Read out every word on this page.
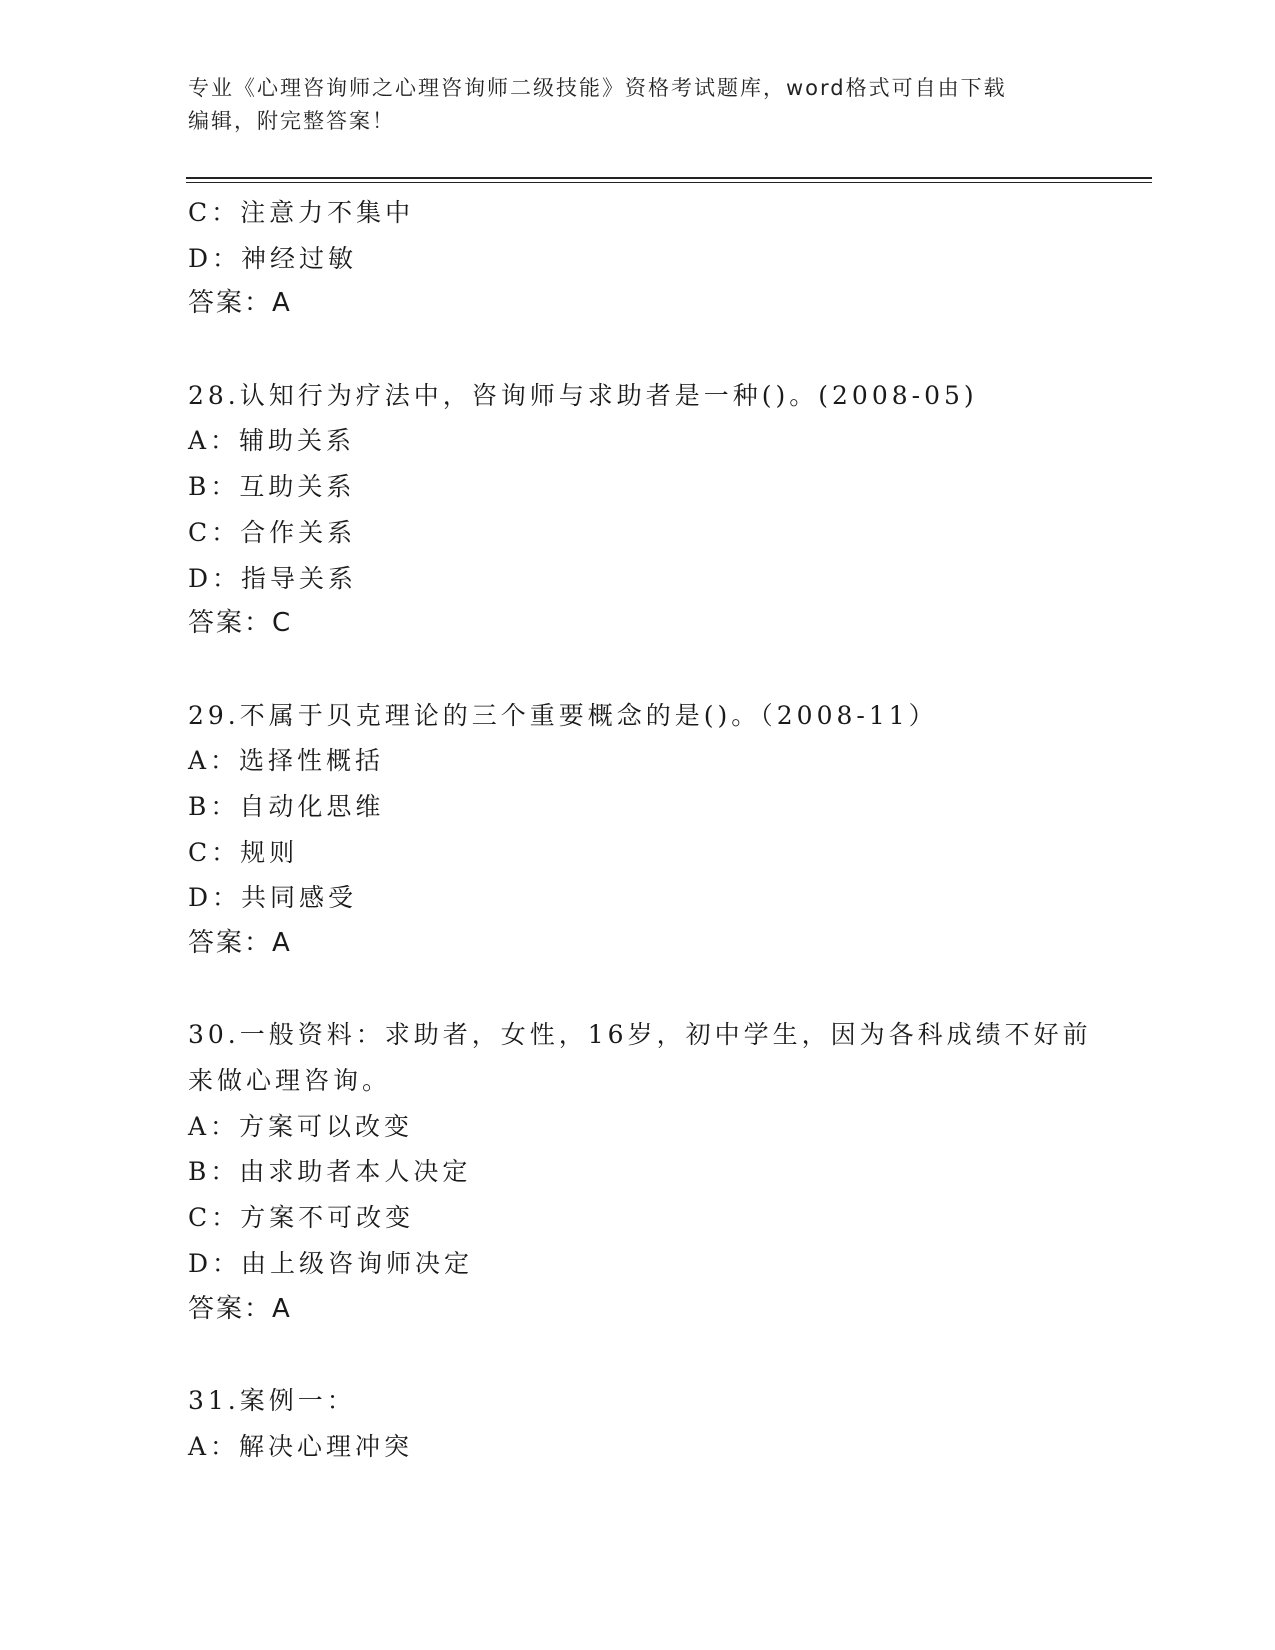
专业《心理咨询师之心理咨询师二级技能》资格考试题库，word格式可自由下载
编辑，附完整答案！
C：注意力不集中
D：神经过敏
答案：A
28.认知行为疗法中，咨询师与求助者是一种()。(2008-05)
A：辅助关系
B：互助关系
C：合作关系
D：指导关系
答案：C
29.不属于贝克理论的三个重要概念的是()。（2008-11）
A：选择性概括
B：自动化思维
C：规则
D：共同感受
答案：A
30.一般资料：求助者，女性，16岁，初中学生，因为各科成绩不好前
来做心理咨询。
A：方案可以改变
B：由求助者本人决定
C：方案不可改变
D：由上级咨询师决定
答案：A
31.案例一：
A：解决心理冲突
